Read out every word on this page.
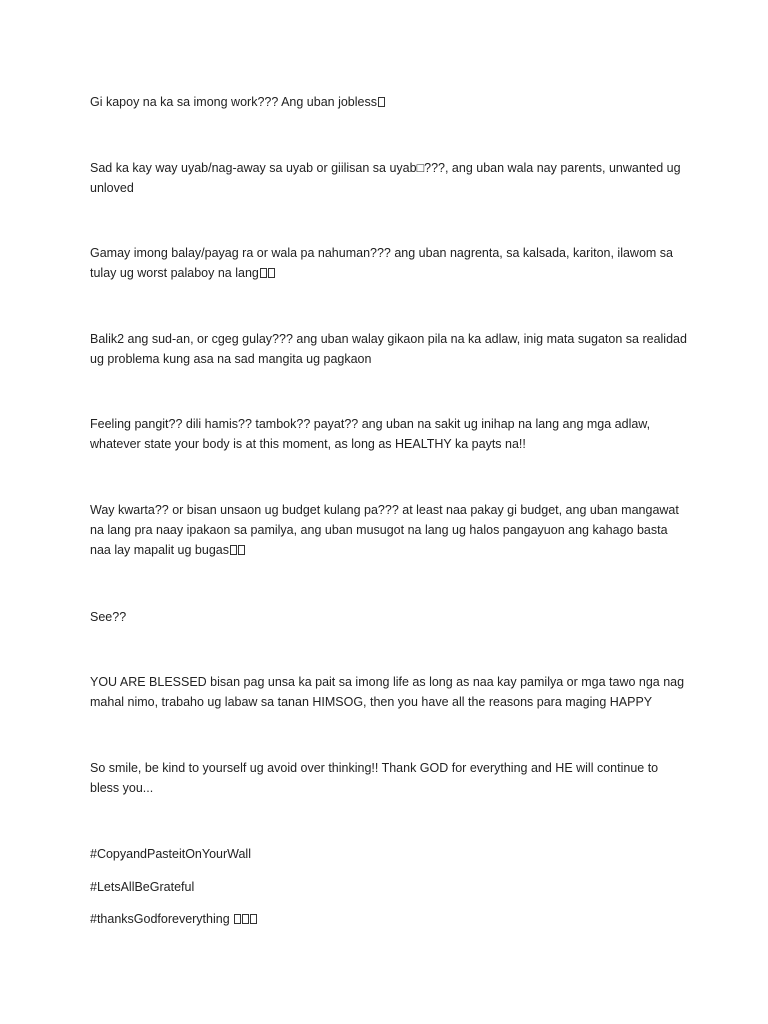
Gi kapoy na ka sa imong work??? Ang uban jobless

Sad ka kay way uyab/nag-away sa uyab or giilisan sa uyab□???, ang uban wala nay parents, unwanted ug unloved

Gamay imong balay/payag ra or wala pa nahuman??? ang uban nagrenta, sa kalsada, kariton, ilawom sa tulay ug worst palaboy na lang

Balik2 ang sud-an, or cgeg gulay??? ang uban walay gikaon pila na ka adlaw, inig mata sugaton sa realidad ug problema kung asa na sad mangita ug pagkaon

Feeling pangit?? dili hamis?? tambok?? payat?? ang uban na sakit ug inihap na lang ang mga adlaw, whatever state your body is at this moment, as long as HEALTHY ka payts na!!

Way kwarta?? or bisan unsaon ug budget kulang pa??? at least naa pakay gi budget, ang uban mangawat na lang pra naay ipakaon sa pamilya, ang uban musugot na lang ug halos pangayuon ang kahago basta naa lay mapalit ug bugas

See??

YOU ARE BLESSED bisan pag unsa ka pait sa imong life as long as naa kay pamilya or mga tawo nga nag mahal nimo, trabaho ug labaw sa tanan HIMSOG, then you have all the reasons para maging HAPPY

So smile, be kind to yourself ug avoid over thinking!! Thank GOD for everything and HE will continue to bless you...

#CopyandPasteitOnYourWall

#LetsAllBeGrateful

#thanksGodforeverything
